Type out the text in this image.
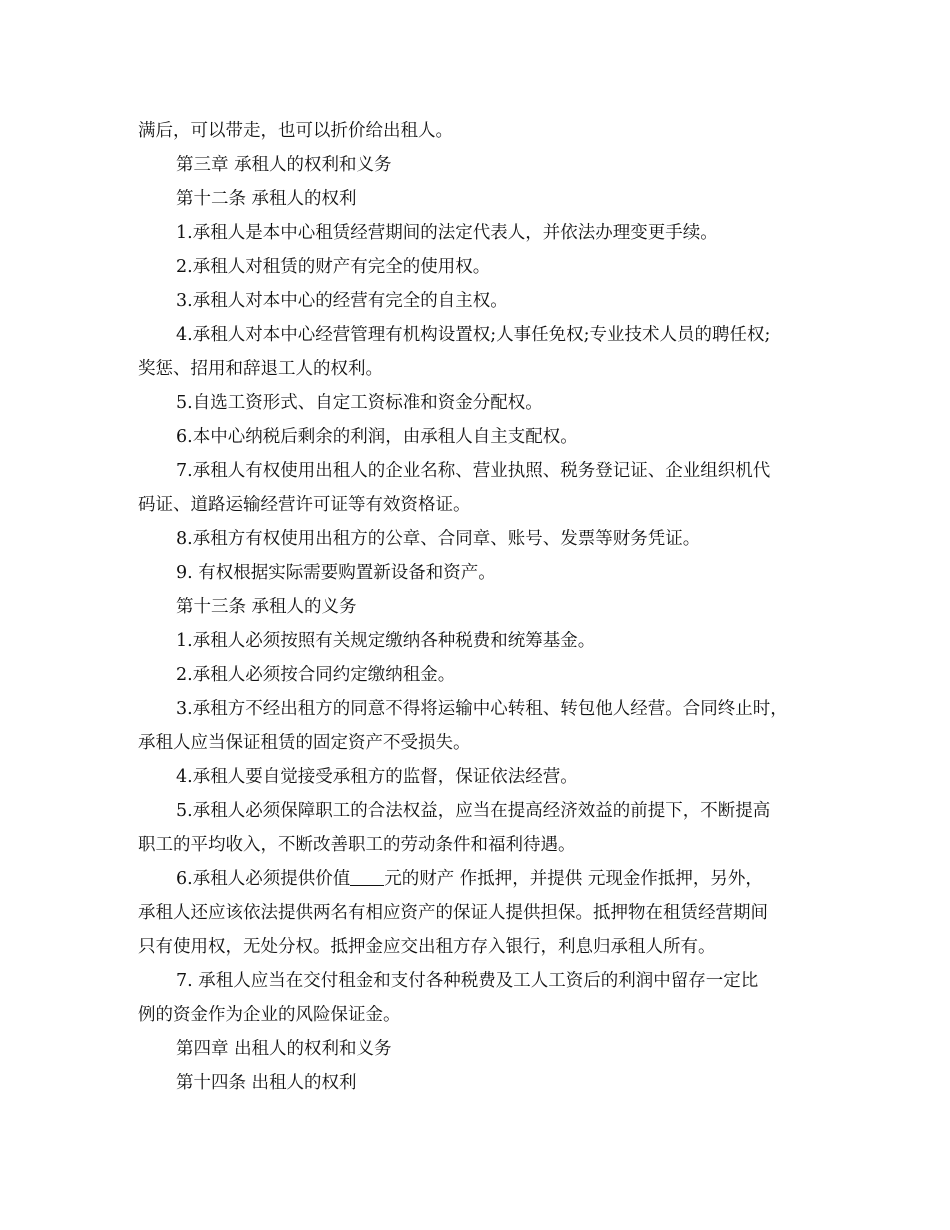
满后，可以带走，也可以折价给出租人。
第三章 承租人的权利和义务
第十二条 承租人的权利
1.承租人是本中心租赁经营期间的法定代表人，并依法办理变更手续。
2.承租人对租赁的财产有完全的使用权。
3.承租人对本中心的经营有完全的自主权。
4.承租人对本中心经营管理有机构设置权;人事任免权;专业技术人员的聘任权;
奖惩、招用和辞退工人的权利。
5.自选工资形式、自定工资标准和资金分配权。
6.本中心纳税后剩余的利润，由承租人自主支配权。
7.承租人有权使用出租人的企业名称、营业执照、税务登记证、企业组织机代
码证、道路运输经营许可证等有效资格证。
8.承租方有权使用出租方的公章、合同章、账号、发票等财务凭证。
9. 有权根据实际需要购置新设备和资产。
第十三条 承租人的义务
1.承租人必须按照有关规定缴纳各种税费和统筹基金。
2.承租人必须按合同约定缴纳租金。
3.承租方不经出租方的同意不得将运输中心转租、转包他人经营。合同终止时，
承租人应当保证租赁的固定资产不受损失。
4.承租人要自觉接受承租方的监督，保证依法经营。
5.承租人必须保障职工的合法权益，应当在提高经济效益的前提下，不断提高
职工的平均收入，不断改善职工的劳动条件和福利待遇。
6.承租人必须提供价值 元的财产 作抵押，并提供 元现金作抵押，另外，
承租人还应该依法提供两名有相应资产的保证人提供担保。抵押物在租赁经营期间
只有使用权，无处分权。抵押金应交出租方存入银行，利息归承租人所有。
7. 承租人应当在交付租金和支付各种税费及工人工资后的利润中留存一定比
例的资金作为企业的风险保证金。
第四章 出租人的权利和义务
第十四条 出租人的权利
